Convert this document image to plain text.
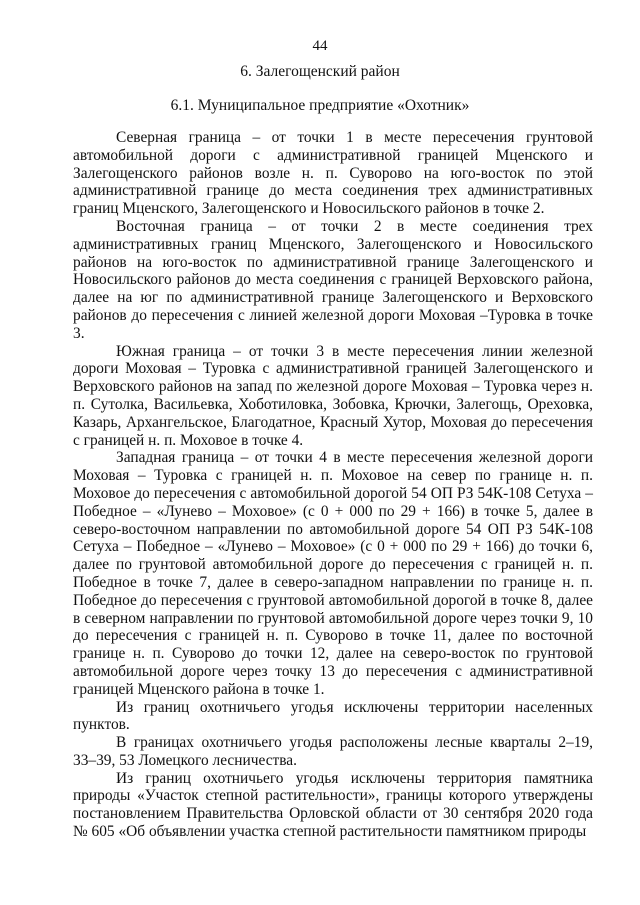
44
6. Залегощенский район
6.1. Муниципальное предприятие «Охотник»

Северная граница – от точки 1 в месте пересечения грунтовой автомобильной дороги с административной границей Мценского и Залегощенского районов возле н. п. Суворово на юго-восток по этой административной границе до места соединения трех административных границ Мценского, Залегощенского и Новосильского районов в точке 2.

Восточная граница – от точки 2 в месте соединения трех административных границ Мценского, Залегощенского и Новосильского районов на юго-восток по административной границе Залегощенского и Новосильского районов до места соединения с границей Верховского района, далее на юг по административной границе Залегощенского и Верховского районов до пересечения с линией железной дороги Моховая –Туровка в точке 3.

Южная граница – от точки 3 в месте пересечения линии железной дороги Моховая – Туровка с административной границей Залегощенского и Верховского районов на запад по железной дороге Моховая – Туровка через н. п. Сутолка, Васильевка, Хоботиловка, Зобовка, Крючки, Залегощь, Ореховка, Казарь, Архангельское, Благодатное, Красный Хутор, Моховая до пересечения с границей н. п. Моховое в точке 4.

Западная граница – от точки 4 в месте пересечения железной дороги Моховая – Туровка с границей н. п. Моховое на север по границе н. п. Моховое до пересечения с автомобильной дорогой 54 ОП РЗ 54К-108 Сетуха – Победное – «Лунево – Моховое» (с 0 + 000 по 29 + 166) в точке 5, далее в северо-восточном направлении по автомобильной дороге 54 ОП РЗ 54К-108 Сетуха – Победное – «Лунево – Моховое» (с 0 + 000 по 29 + 166) до точки 6, далее по грунтовой автомобильной дороге до пересечения с границей н. п. Победное в точке 7, далее в северо-западном направлении по границе н. п. Победное до пересечения с грунтовой автомобильной дорогой в точке 8, далее в северном направлении по грунтовой автомобильной дороге через точки 9, 10 до пересечения с границей н. п. Суворово в точке 11, далее по восточной границе н. п. Суворово до точки 12, далее на северо-восток по грунтовой автомобильной дороге через точку 13 до пересечения с административной границей Мценского района в точке 1.

Из границ охотничьего угодья исключены территории населенных пунктов.

В границах охотничьего угодья расположены лесные кварталы 2–19, 33–39, 53 Ломецкого лесничества.

Из границ охотничьего угодья исключены территория памятника природы «Участок степной растительности», границы которого утверждены постановлением Правительства Орловской области от 30 сентября 2020 года № 605 «Об объявлении участка степной растительности памятником природы
